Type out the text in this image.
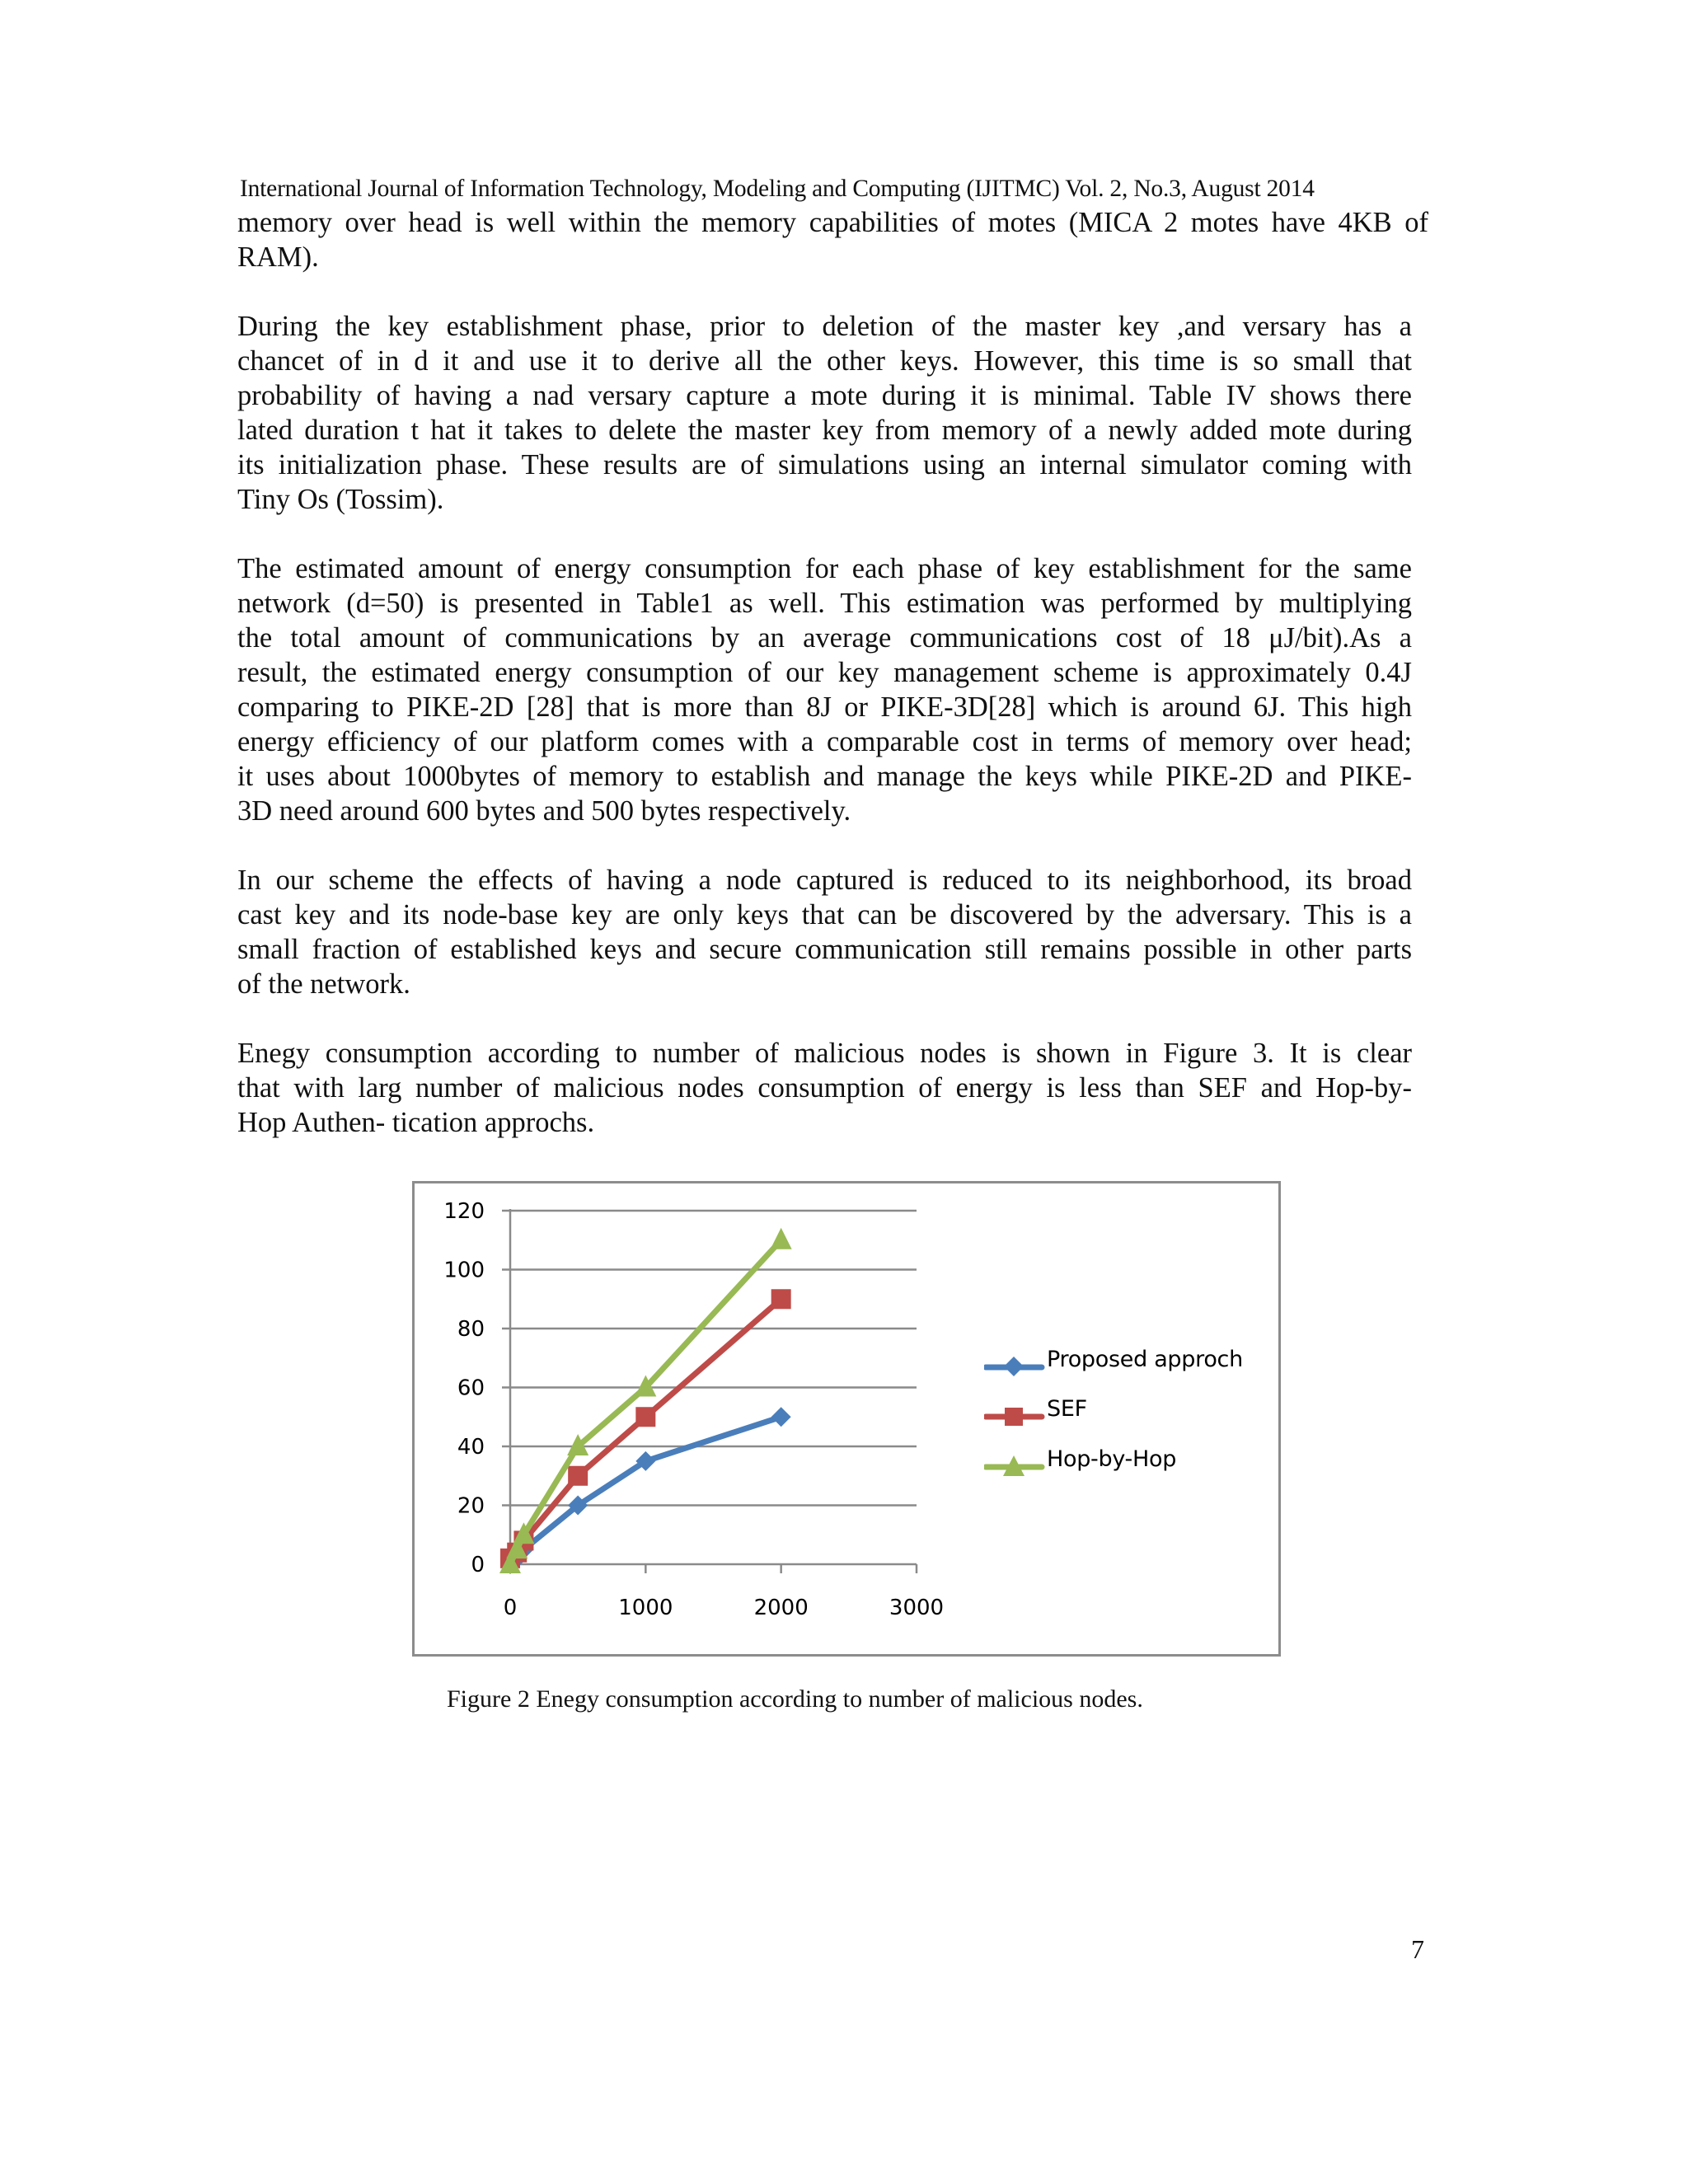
International Journal of Information Technology, Modeling and Computing (IJITMC) Vol. 2, No.3, August 2014
memory over head is well within the memory capabilities of motes (MICA 2 motes have 4KB of
RAM).
During the key establishment phase, prior to deletion of the master key ,and versary has a
chancet of in d it and use it to derive all the other keys. However, this time is so small that
probability of having a nad versary capture a mote during it is minimal. Table IV shows there
lated duration t hat it takes to delete the master key from memory of a newly added mote during
its initialization phase. These results are of simulations using an internal simulator coming with
Tiny Os (Tossim).
The estimated amount of energy consumption for each phase of key establishment for the same
network (d=50) is presented in Table1 as well. This estimation was performed by multiplying
the total amount of communications by an average communications cost of 18 μJ/bit).As a
result, the estimated energy consumption of our key management scheme is approximately 0.4J
comparing to PIKE-2D [28] that is more than 8J or PIKE-3D[28] which is around 6J. This high
energy efficiency of our platform comes with a comparable cost in terms of memory over head;
it uses about 1000bytes of memory to establish and manage the keys while PIKE-2D and PIKE-
3D need around 600 bytes and 500 bytes respectively.
In our scheme the effects of having a node captured is reduced to its neighborhood, its broad
cast key and its node-base key are only keys that can be discovered by the adversary. This is a
small fraction of established keys and secure communication still remains possible in other parts
of the network.
Enegy consumption according to number of malicious nodes is shown in Figure 3. It is clear
that with larg number of malicious nodes consumption of energy is less than SEF and Hop-by-
Hop Authen- tication approchs.
0
20
40
60
80
100
120
0	1000	2000	3000
Proposed approch
SEF
Hop-by-Hop
Figure 2 Enegy consumption according to number of malicious nodes.
7
